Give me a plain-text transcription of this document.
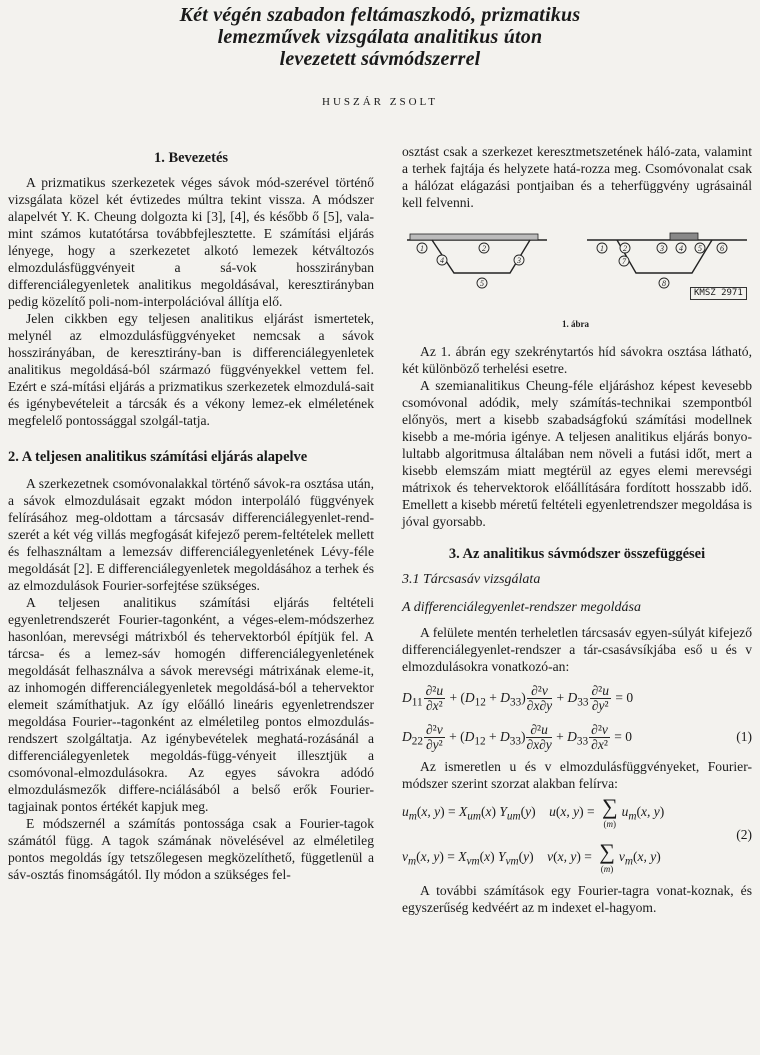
Két végén szabadon feltámaszkodó, prizmatikus
lemezművek vizsgálata analitikus úton
levezetett sávmódszerrel
HUSZÁR ZSOLT
1. Bevezetés

A prizmatikus szerkezetek véges sávok mód-szerével történő vizsgálata közel két évtizedes múltra tekint vissza. A módszer alapelvét Y. K. Cheung dolgozta ki [3], [4], és később ő [5], vala-mint számos kutatótársa továbbfejlesztette. E számítási eljárás lényege, hogy a szerkezetet alkotó lemezek kétváltozós elmozdulásfüggvényeit a sá-vok hosszirányban differenciálegyenletek analitikus megoldásával, keresztirányban pedig közelítő poli-nom-interpolációval állítja elő.

Jelen cikkben egy teljesen analitikus eljárást ismertetek, melynél az elmozdulásfüggvényeket nemcsak a sávok hosszirányában, de keresztirány-ban is differenciálegyenletek analitikus megoldásá-ból származó függvényekkel vettem fel. Ezért e szá-mítási eljárás a prizmatikus szerkezetek elmozdulá-sait és igénybevételeit a tárcsák és a vékony lemez-ek elméletének megfelelő pontossággal szolgál-tatja.

2. A teljesen analitikus számítási eljárás alapelve

A szerkezetnek csomóvonalakkal történő sávok-ra osztása után, a sávok elmozdulásait egzakt módon interpoláló függvények felírásához meg-oldottam a tárcsasáv differenciálegyenlet-rend-szerét a két vég villás megfogását kifejező perem-feltételek mellett és felhasználtam a lemezsáv differenciálegyenletének Lévy-féle megoldását [2]. E differenciálegyenletek megoldásához a terhek és az elmozdulások Fourier-sorfejtése szükséges.

A teljesen analitikus számítási eljárás feltételi egyenletrendszerét Fourier-tagonként, a véges-elem-módszerhez hasonlóan, merevségi mátrixból és tehervektorból építjük fel. A tárcsa- és a lemez-sáv homogén differenciálegyenletének megoldását felhasználva a sávok merevségi mátrixának eleme-it, az inhomogén differenciálegyenletek megoldásá-ból a tehervektor elemeit számíthatjuk. Az így előálló lineáris egyenletrendszer megoldása Fourier--tagonként az elméletileg pontos elmozdulás-rendszert szolgáltatja. Az igénybevételek meghatá-rozásánál a differenciálegyenletek megoldás-függ-vényeit illesztjük a csomóvonal-elmozdulásokra. Az egyes sávokra adódó elmozdulásmezők differe-nciálásából a belső erők Fourier-tagjainak pontos értékét kapjuk meg.

E módszernél a számítás pontossága csak a Fourier-tagok számától függ. A tagok számának növelésével az elméletileg pontos megoldás így tetszőlegesen megközelíthető, függetlenül a sáv-osztás finomságától. Ily módon a szükséges fel-

osztást csak a szerkezet keresztmetszetének háló-zata, valamint a terhek fajtája és helyzete hatá-rozza meg. Csomóvonalat csak a hálózat elágazási pontjaiban és a teherfüggvény ugrásainál kell felvenni.

1
4
2
3
5
1 2	3 4 5 6
7
8
KMSZ 2971
1. ábra

Az 1. ábrán egy szekrénytartós híd sávokra osztása látható, két különböző terhelési esetre.

A szemianalitikus Cheung-féle eljáráshoz képest kevesebb csomóvonal adódik, mely számítás-technikai szempontból előnyös, mert a kisebb szabadságfokú számítási modellnek kisebb a me-mória igénye. A teljesen analitikus eljárás bonyo-lultabb algoritmusa általában nem növeli a futási időt, mert a kisebb elemszám miatt megtérül az egyes elemi merevségi mátrixok és tehervektorok előállítására fordított hosszabb idő. Emellett a kisebb méretű feltételi egyenletrendszer megoldása is jóval gyorsabb.

3. Az analitikus sávmódszer összefüggései
3.1 Tárcsasáv vizsgálata
A differenciálegyenlet-rendszer megoldása

A felülete mentén terheletlen tárcsasáv egyen-súlyát kifejező differenciálegyenlet-rendszer a tár-csasávsíkjába eső u és v elmozdulásokra vonatkozó-an:

$D_{11} \frac{\text{∂²u}}{\text{∂x²}} + (D_{12} + D_{33}) \frac{\text{∂²v}}{\partial x\partial y} + D_{33} \frac{\text{∂²u}}{\text{∂y²}} = 0$
$D_{22} \frac{\text{∂²v}}{\text{∂y²}} + (D_{12} + D_{33}) \frac{\text{∂²u}}{\partial x\partial y} + D_{33} \frac{\text{∂²v}}{\text{∂x²}} = 0$	(1)

Az ismeretlen u és v elmozdulásfüggvényeket, Fourier-módszer szerint szorzat alakban felírva:

$u_m(x$, $y) = X_{um}(x)$ $Y_{um}(y)$    u(x, y) = ∑
(m)
$u_m(x$, y)
$v_m(x$, $y) = X_{vm}(x)$ $Y_{vm}(y)$    v(x, y) = ∑
(m)
$v_m(x$, y)
(2)

A további számítások egy Fourier-tagra vonat-koznak, és egyszerűség kedvéért az m indexet el-hagyom.
